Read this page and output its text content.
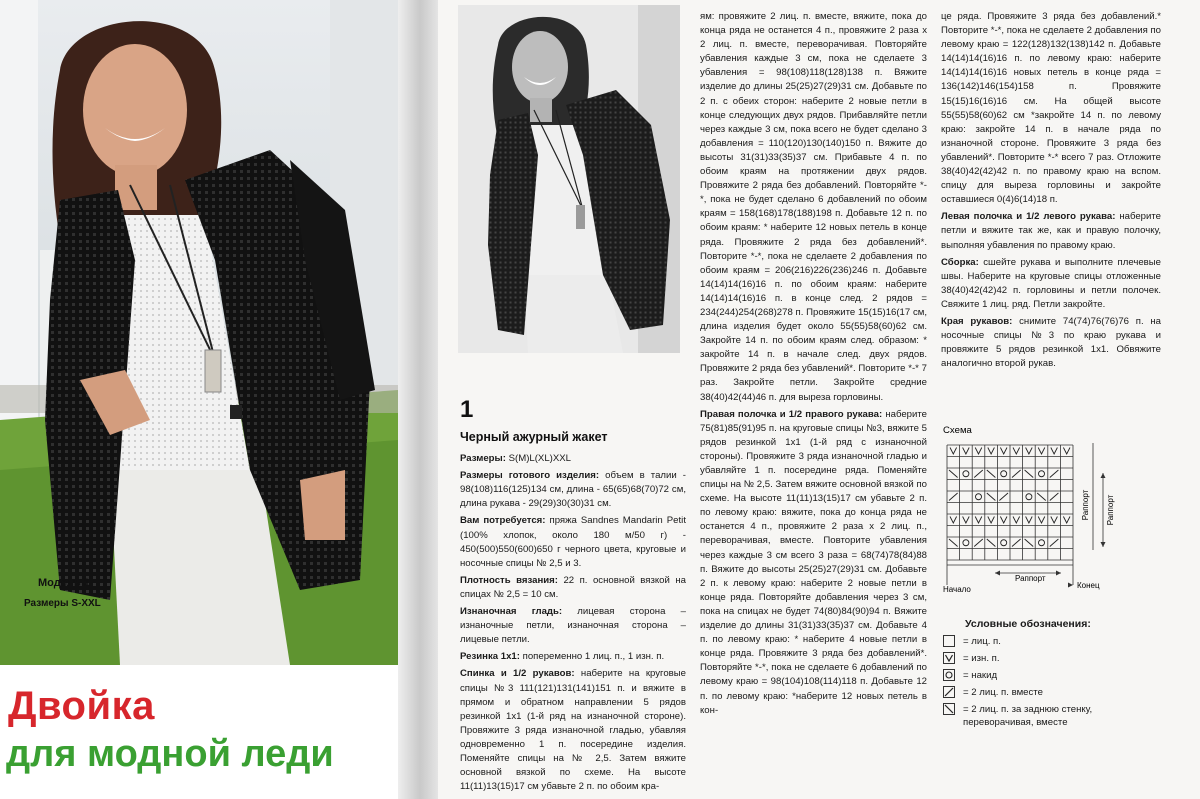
Модель 1
Размеры S-XXL
Двойка
для модной леди
1
Черный ажурный жакет

Размеры: S(M)L(XL)XXL

Размеры готового изделия: объем в талии - 98(108)116(125)134 см, длина - 65(65)68(70)72 см, длина рукава - 29(29)30(30)31 см.

Вам потребуется: пряжа Sandnes Mandarin Petit (100% хлопок, около 180 м/50 г) - 450(500)550(600)650 г черного цвета, круговые и носочные спицы № 2,5 и 3.

Плотность вязания: 22 п. основной вязкой на спицах № 2,5 = 10 см.

Изнаночная гладь: лицевая сторона – изнаночные петли, изнаночная сторона – лицевые петли.

Резинка 1x1: попеременно 1 лиц. п., 1 изн. п.

Спинка и 1/2 рукавов: наберите на круговые спицы №3 111(121)131(141)151 п. и вяжите в прямом и обратном направлении 5 рядов резинкой 1x1 (1-й ряд на изнаночной стороне). Провяжите 3 ряда изнаночной гладью, убавляя одновременно 1 п. посередине изделия. Поменяйте спицы на № 2,5. Затем вяжите основной вязкой по схеме. На высоте 11(11)13(15)17 см убавьте 2 п. по обоим кра-

ям: провяжите 2 лиц. п. вместе, вяжите, пока до конца ряда не останется 4 п., провяжите 2 раза x 2 лиц. п. вместе, переворачивая. Повторяйте убавления каждые 3 см, пока не сделаете 3 убавления = 98(108)118(128)138 п. Вяжите изделие до длины 25(25)27(29)31 см. Добавьте по 2 п. с обеих сторон: наберите 2 новые петли в конце следующих двух рядов. Прибавляйте петли через каждые 3 см, пока всего не будет сделано 3 добавления = 110(120)130(140)150 п. Вяжите до высоты 31(31)33(35)37 см. Прибавьте 4 п. по обоим краям на протяжении двух рядов. Провяжите 2 ряда без добавлений. Повторяйте *-*, пока не будет сделано 6 добавлений по обоим краям = 158(168)178(188)198 п. Добавьте 12 п. по обоим краям: * наберите 12 новых петель в конце ряда. Провяжите 2 ряда без добавлений*. Повторите *-*, пока не сделаете 2 добавления по обоим краям = 206(216)226(236)246 п. Добавьте 14(14)14(16)16 п. по обоим краям: наберите 14(14)14(16)16 п. в конце след. 2 рядов = 234(244)254(268)278 п. Провяжите 15(15)16(17 см, длина изделия будет около 55(55)58(60)62 см. Закройте 14 п. по обоим краям след. образом: * закройте 14 п. в начале след. двух рядов. Провяжите 2 ряда без убавлений*. Повторите *-* 7 раз. Закройте петли. Закройте средние 38(40)42(44)46 п. для выреза горловины.

Правая полочка и 1/2 правого рукава: наберите 75(81)85(91)95 п. на круговые спицы №3, вяжите 5 рядов резинкой 1x1 (1-й ряд с изнаночной стороны). Провяжите 3 ряда изнаночной гладью и убавляйте 1 п. посередине ряда. Поменяйте спицы на № 2,5. Затем вяжите основной вязкой по схеме. На высоте 11(11)13(15)17 см убавьте 2 п. по левому краю: вяжите, пока до конца ряда не останется 4 п., провяжите 2 раза x 2 лиц. п., переворачивая, вместе. Повторите убавления через каждые 3 см всего 3 раза = 68(74)78(84)88 п. Вяжите до высоты 25(25)27(29)31 см. Добавьте 2 п. к левому краю: наберите 2 новые петли в конце ряда. Повторяйте добавления через 3 см, пока на спицах не будет 74(80)84(90)94 п. Вяжите изделие до длины 31(31)33(35)37 см. Добавьте 4 п. по левому краю: * наберите 4 новые петли в конце ряда. Провяжите 3 ряда без добавлений*. Повторяйте *-*, пока не сделаете 6 добавлений по левому краю = 98(104)108(114)118 п. Добавьте 12 п. по левому краю: *наберите 12 новых петель в кон-

це ряда. Провяжите 3 ряда без добавлений.* Повторите *-*, пока не сделаете 2 добавления по левому краю = 122(128)132(138)142 п. Добавьте 14(14)14(16)16 п. по левому краю: наберите 14(14)14(16)16 новых петель в конце ряда = 136(142)146(154)158 п. Провяжите 15(15)16(16)16 см. На общей высоте 55(55)58(60)62 см *закройте 14 п. по левому краю: закройте 14 п. в начале ряда по изнаночной стороне. Провяжите 3 ряда без убавлений*. Повторите *-* всего 7 раз. Отложите 38(40)42(42)42 п. по правому краю на вспом. спицу для выреза горловины и закройте оставшиеся 0(4)6(14)18 п.

Левая полочка и 1/2 левого рукава: наберите петли и вяжите так же, как и правую полочку, выполняя убавления по правому краю.

Сборка: сшейте рукава и выполните плечевые швы. Наберите на круговые спицы отложенные 38(40)42(42)42 п. горловины и петли полочек. Свяжите 1 лиц. ряд. Петли закройте.

Края рукавов: снимите 74(74)76(76)76 п. на носочные спицы №3 по краю рукава и провяжите 5 рядов резинкой 1x1. Обвяжите аналогично второй рукав.

Схема
Раппорт Раппорт
Начало
Раппорт
Конец
Условные обозначения:
= лиц. п.
= изн. п.
= накид
= 2 лиц. п. вместе
= 2 лиц. п. за заднюю стенку, переворачивая, вместе
